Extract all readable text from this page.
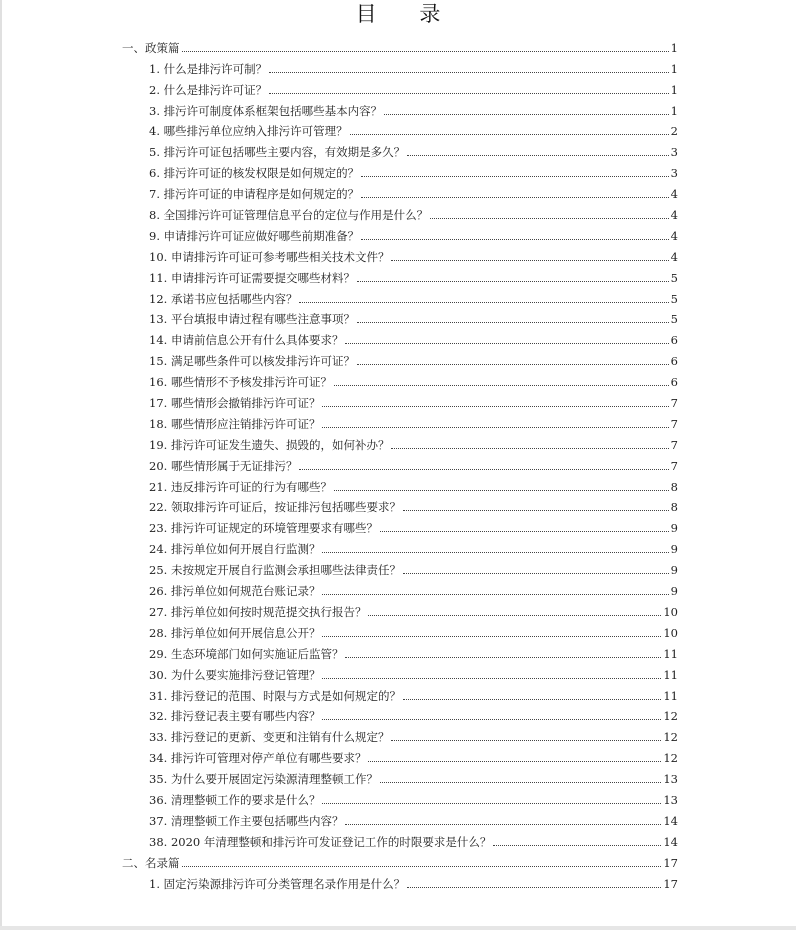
目 录
一、政策篇	1
1. 什么是排污许可制？	1
2. 什么是排污许可证？	1
3. 排污许可制度体系框架包括哪些基本内容？	1
4. 哪些排污单位应纳入排污许可管理？	2
5. 排污许可证包括哪些主要内容，有效期是多久？	3
6. 排污许可证的核发权限是如何规定的？	3
7. 排污许可证的申请程序是如何规定的？	4
8. 全国排污许可证管理信息平台的定位与作用是什么？	4
9. 申请排污许可证应做好哪些前期准备？	4
10. 申请排污许可证可参考哪些相关技术文件？	4
11. 申请排污许可证需要提交哪些材料？	5
12. 承诺书应包括哪些内容？	5
13. 平台填报申请过程有哪些注意事项？	5
14. 申请前信息公开有什么具体要求？	6
15. 满足哪些条件可以核发排污许可证？	6
16. 哪些情形不予核发排污许可证？	6
17. 哪些情形会撤销排污许可证？	7
18. 哪些情形应注销排污许可证？	7
19. 排污许可证发生遗失、损毁的，如何补办？	7
20. 哪些情形属于无证排污？	7
21. 违反排污许可证的行为有哪些？	8
22. 领取排污许可证后，按证排污包括哪些要求？	8
23. 排污许可证规定的环境管理要求有哪些？	9
24. 排污单位如何开展自行监测？	9
25. 未按规定开展自行监测会承担哪些法律责任？	9
26. 排污单位如何规范台账记录？	9
27. 排污单位如何按时规范提交执行报告？	10
28. 排污单位如何开展信息公开？	10
29. 生态环境部门如何实施证后监管？	11
30. 为什么要实施排污登记管理？	11
31. 排污登记的范围、时限与方式是如何规定的？	11
32. 排污登记表主要有哪些内容？	12
33. 排污登记的更新、变更和注销有什么规定？	12
34. 排污许可管理对停产单位有哪些要求？	12
35. 为什么要开展固定污染源清理整顿工作？	13
36. 清理整顿工作的要求是什么？	13
37. 清理整顿工作主要包括哪些内容？	14
38. 2020 年清理整顿和排污许可发证登记工作的时限要求是什么？	14
二、名录篇	17
1. 固定污染源排污许可分类管理名录作用是什么？	17
